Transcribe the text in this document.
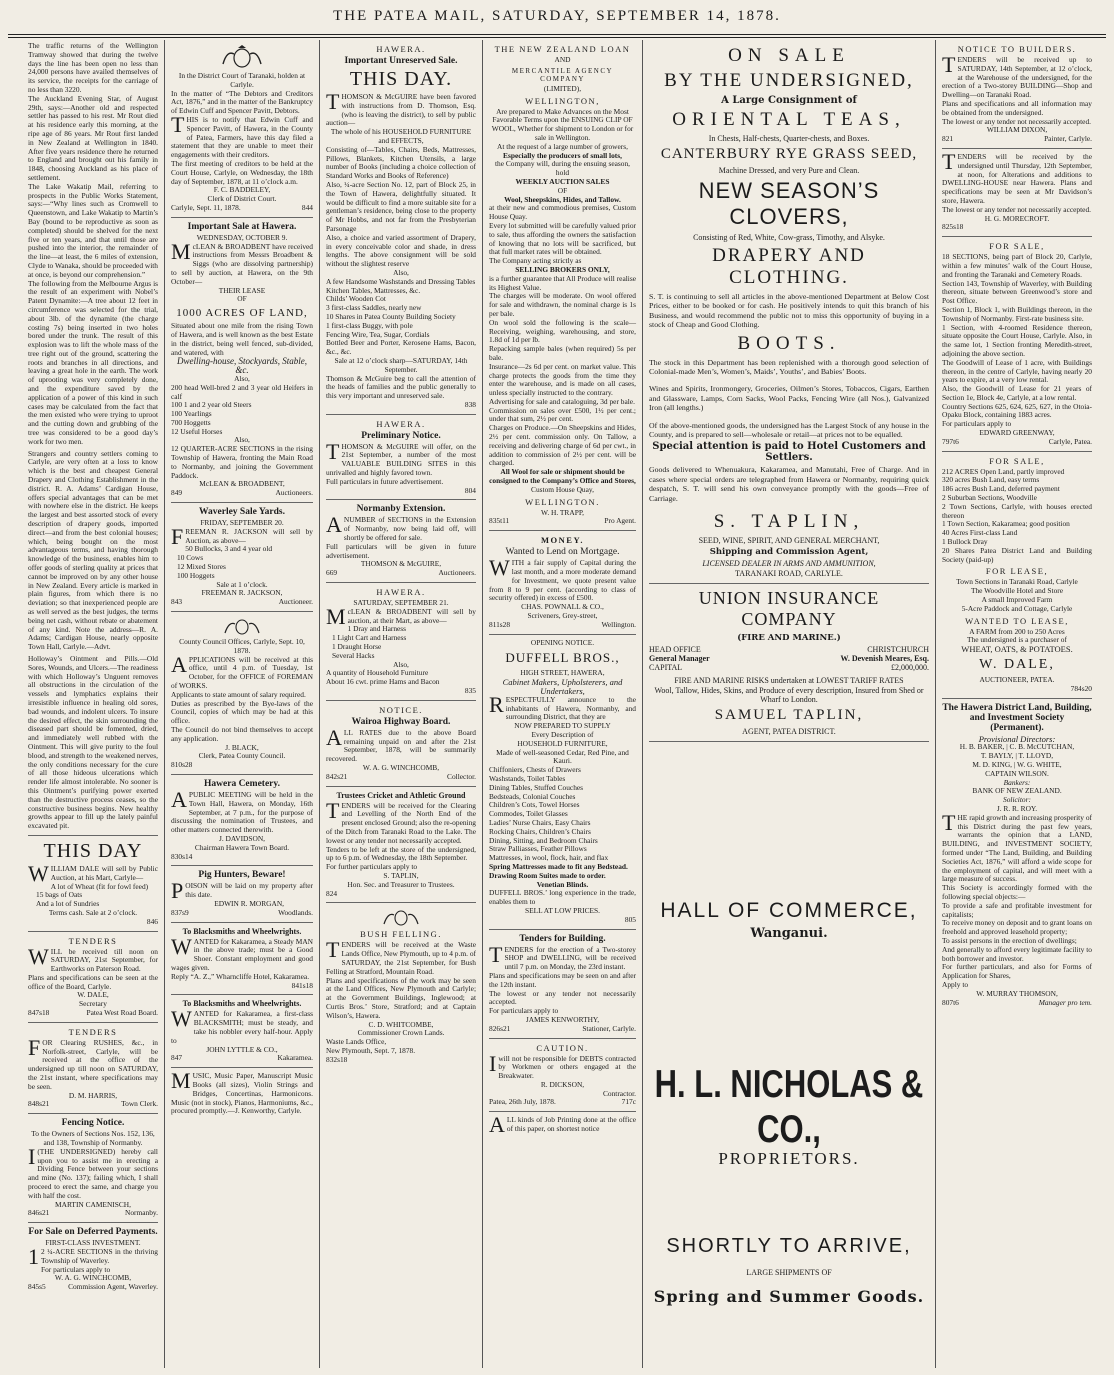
THE PATEA MAIL, SATURDAY, SEPTEMBER 14, 1878.

The traffic returns of the Wellington Tramway showed that during the twelve days the line has been open no less than 24,000 persons have availed themselves of its service, the receipts for the carriage of no less than 3220.

The Auckland Evening Star, of August 29th, says:—Another old and respected settler has passed to his rest. Mr Rout died at his residence early this morning, at the ripe age of 86 years. Mr Rout first landed in New Zealand at Wellington in 1840. After five years residence there he returned to England and brought out his family in 1848, choosing Auckland as his place of settlement.

The Lake Wakatip Mail, referring to prospects in the Public Works Statement, says:—“Why lines such as Cromwell to Queenstown, and Lake Wakatip to Martin’s Bay (bound to be reproductive as soon as completed) should be shelved for the next five or ten years, and that until those are pushed into the interior, the remainder of the line—at least, the 6 miles of extension, Clyde to Wanaka, should be proceeded with at once, is beyond our comprehension.”

The following from the Melbourne Argus is the result of an experiment with Nobel’s Patent Dynamite:—A tree about 12 feet in circumference was selected for the trial, about 3lb. of the dynamite (the charge costing 7s) being inserted in two holes bored under the trunk. The result of this explosion was to lift the whole mass of the tree right out of the ground, scattering the roots and branches in all directions, and leaving a great hole in the earth. The work of uprooting was very completely done, and the expenditure saved by the application of a power of this kind in such cases may be calculated from the fact that the men existed who were trying to uproot and the cutting down and grubbing of the tree was considered to be a good day’s work for two men.

Strangers and country settlers coming to Carlyle, are very often at a loss to know which is the best and cheapest General Drapery and Clothing Establishment in the district. R. A. Adams’ Cardigan House, offers special advantages that can be met with nowhere else in the district. He keeps the largest and best assorted stock of every description of drapery goods, imported direct—and from the best colonial houses; which, being bought on the most advantageous terms, and having thorough knowledge of the business, enables him to offer goods of sterling quality at prices that cannot be improved on by any other house in New Zealand. Every article is marked in plain figures, from which there is no deviation; so that inexperienced people are as well served as the best judges, the terms being net cash, without rebate or abatement of any kind. Note the address—R. A. Adams; Cardigan House, nearly opposite Town Hall, Carlyle.—Advt.

Holloway’s Ointment and Pills.—Old Sores, Wounds, and Ulcers.—The readiness with which Holloway’s Unguent removes all obstructions in the circulation of the vessels and lymphatics explains their irresistible influence in healing old sores, bad wounds, and indolent ulcers. To insure the desired effect, the skin surrounding the diseased part should be fomented, dried, and immediately well rubbed with the Ointment. This will give purity to the foul blood, and strength to the weakened nerves, the only conditions necessary for the cure of all those hideous ulcerations which render life almost intolerable. No sooner is this Ointment’s purifying power exerted than the destructive process ceases, so the constructive business begins. New healthy growths appear to fill up the lately painful excavated pit.

THIS DAY

WILLIAM DALE will sell by Public Auction, at his Mart, Carlyle—

A lot of Wheat (fit for fowl feed)
15 bags of Oats
And a lot of Sundries

Terms cash. Sale at 2 o’clock.

846

TENDERS

WILL be received till noon on SATURDAY, 21st September, for Earthworks on Paterson Road.
Plans and specifications can be seen at the office of the Board, Carlyle.

W. DALE,

Secretary

847s18	Patea West Road Board.

TENDERS

FOR Clearing RUSHES, &c., in Norfolk-street, Carlyle, will be received at the office of the undersigned up till noon on SATURDAY, the 21st instant, where specifications may be seen.

D. M. HARRIS,

848s21	Town Clerk.

Fencing Notice.

To the Owners of Sections Nos. 152, 136, and 138, Township of Normanby.

I(THE UNDERSIGNED) hereby call upon you to assist me in erecting a Dividing Fence between your sections and mine (No. 137); failing which, I shall proceed to erect the same, and charge you with half the cost.

MARTIN CAMENISCH,

846s21	Normanby.

For Sale on Deferred Payments.

FIRST-CLASS INVESTMENT.

12 ¼-ACRE SECTIONS in the thriving Township of Waverley.
For particulars apply to

W. A. G. WINCHCOMB,

845s5	Commission Agent, Waverley.

In the District Court of Taranaki, holden at Carlyle.

In the matter of “The Debtors and Creditors Act, 1876,” and in the matter of the Bankruptcy of Edwin Cuff and Spencer Pavitt, Debtors.

THIS is to notify that Edwin Cuff and Spencer Pavitt, of Hawera, in the County of Patea, Farmers, have this day filed a statement that they are unable to meet their engagements with their creditors.
The first meeting of creditors to be held at the Court House, Carlyle, on Wednesday, the 18th day of September, 1878, at 11 o’clock a.m.

F. C. BADDELEY,

Clerk of District Court.

Carlyle, Sept. 11, 1878.	844

Important Sale at Hawera.

WEDNESDAY, OCTOBER 9.

McLEAN & BROADBENT have received instructions from Messrs Broadbent & Siggs (who are dissolving partnership) to sell by auction, at Hawera, on the 9th October—

THEIR LEASE

OF

1000 ACRES OF LAND,

Situated about one mile from the rising Town of Hawera, and is well known as the best Estate in the district, being well fenced, sub-divided, and watered, with

Dwelling-house, Stockyards, Stable, &c.

Also,

200 head Well-bred 2 and 3 year old Heifers in calf
100 1 and 2 year old Steers
100 Yearlings
700 Hoggetts
12 Useful Horses

Also,

12 QUARTER-ACRE SECTIONS in the rising Township of Hawera, fronting the Main Road to Normanby, and joining the Government Paddock.

McLEAN & BROADBENT,

849	Auctioneers.

Waverley Sale Yards.

FRIDAY, SEPTEMBER 20.

FREEMAN R. JACKSON will sell by Auction, as above—

50 Bullocks, 3 and 4 year old
10 Cows
12 Mixed Stores
100 Hoggets

Sale at 1 o’clock.

FREEMAN R. JACKSON,

843	Auctioneer.

County Council Offices, Carlyle, Sept. 10, 1878.

APPLICATIONS will be received at this office, until 4 p.m. of Tuesday, 1st October, for the OFFICE of FOREMAN of WORKS.
Applicants to state amount of salary required.
Duties as prescribed by the Bye-laws of the Council, copies of which may be had at this office.
The Council do not bind themselves to accept any application.

J. BLACK,

Clerk, Patea County Council.

810s28

Hawera Cemetery.

APUBLIC MEETING will be held in the Town Hall, Hawera, on Monday, 16th September, at 7 p.m., for the purpose of discussing the nomination of Trustees, and other matters connected therewith.

J. DAVIDSON,

Chairman Hawera Town Board.

830s14

Pig Hunters, Beware!

POISON will be laid on my property after this date.

EDWIN R. MORGAN,

837s9	Woodlands.

To Blacksmiths and Wheelwrights.

WANTED for Kakaramea, a Steady MAN in the above trade; must be a Good Shoer. Constant employment and good wages given.
Reply “A. Z.,” Wharncliffe Hotel, Kakaramea.

841s18

To Blacksmiths and Wheelwrights.

WANTED for Kakaramea, a first-class BLACKSMITH; must be steady, and take his nobbler every half-hour. Apply to

JOHN LYTTLE & CO.,

847	Kakaramea.

MUSIC, Music Paper, Manuscript Music Books (all sizes), Violin Strings and Bridges, Concertinas, Harmonicons. Music (not in stock), Pianos, Harmoniums, &c., procured promptly.—J. Kenworthy, Carlyle.

HAWERA.
Important Unreserved Sale.
THIS DAY.

THOMSON & McGUIRE have been favored with instructions from D. Thomson, Esq. (who is leaving the district), to sell by public auction—

The whole of his HOUSEHOLD FURNITURE and EFFECTS,

Consisting of—Tables, Chairs, Beds, Mattresses, Pillows, Blankets, Kitchen Utensils, a large number of Books (including a choice collection of Standard Works and Books of Reference)

Also, ¼-acre Section No. 12, part of Block 25, in the Town of Hawera, delightfully situated. It would be difficult to find a more suitable site for a gentleman’s residence, being close to the property of Mr Hobbs, and not far from the Presbyterian Parsonage

Also, a choice and varied assortment of Drapery, in every conceivable color and shade, in dress lengths. The above consignment will be sold without the slightest reserve

Also,

A few Handsome Washstands and Dressing Tables
Kitchen Tables, Mattresses, &c.
Childs’ Wooden Cot
3 first-class Saddles, nearly new
10 Shares in Patea County Building Society
1 first-class Buggy, with pole
Fencing Wire, Tea, Sugar, Cordials
Bottled Beer and Porter, Kerosene Hams, Bacon, &c., &c.

Sale at 12 o’clock sharp—SATURDAY, 14th September.

Thomson & McGuire beg to call the attention of the heads of families and the public generally to this very important and unreserved sale.

838

HAWERA.
Preliminary Notice.

THOMSON & McGUIRE will offer, on the 21st September, a number of the most VALUABLE BUILDING SITES in this unrivalled and highly favored town.
Full particulars in future advertisement.

804

Normanby Extension.

ANUMBER of SECTIONS in the Extension of Normanby, now being laid off, will shortly be offered for sale.
Full particulars will be given in future advertisement.

THOMSON & McGUIRE,

669	Auctioneers.

HAWERA.

SATURDAY, SEPTEMBER 21.

McLEAN & BROADBENT will sell by auction, at their Mart, as above—

1 Dray and Harness
1 Light Cart and Harness
1 Draught Horse
Several Hacks

Also,

A quantity of Household Furniture
About 16 cwt. prime Hams and Bacon

835

NOTICE.
Wairoa Highway Board.

ALL RATES due to the above Board remaining unpaid on and after the 21st September, 1878, will be summarily recovered.

W. A. G. WINCHCOMB,

842s21	Collector.

Trustees Cricket and Athletic Ground

TENDERS will be received for the Clearing and Levelling of the North End of the present enclosed Ground; also the re-opening of the Ditch from Taranaki Road to the Lake. The lowest or any tender not necessarily accepted.
Tenders to be left at the store of the undersigned, up to 6 p.m. of Wednesday, the 18th September.
For further particulars apply to

S. TAPLIN,

Hon. Sec. and Treasurer to Trustees.

824

BUSH FELLING.

TENDERS will be received at the Waste Lands Office, New Plymouth, up to 4 p.m. of SATURDAY, the 21st September, for Bush Felling at Stratford, Mountain Road.
Plans and specifications of the work may be seen at the Land Offices, New Plymouth and Carlyle; at the Government Buildings, Inglewood; at Curtis Bros.’ Store, Stratford; and at Captain Wilson’s, Hawera.

C. D. WHITCOMBE,

Commissioner Crown Lands.

Waste Lands Office,

New Plymouth, Sept. 7, 1878.

832s18

THE NEW ZEALAND LOAN

AND

MERCANTILE AGENCY COMPANY

(LIMITED),

WELLINGTON,

Are prepared to Make Advances on the Most Favorable Terms upon the ENSUING CLIP OF WOOL, Whether for shipment to London or for sale in Wellington.

At the request of a large number of growers,

Especially the producers of small lots,

the Company will, during the ensuing season, hold

WEEKLY AUCTION SALES

OF

Wool, Sheepskins, Hides, and Tallow.

at their new and commodious premises, Custom House Quay.
Every lot submitted will be carefully valued prior to sale, thus affording the owners the satisfaction of knowing that no lots will be sacrificed, but that full market rates will be obtained.
The Company acting strictly as

SELLING BROKERS ONLY,

is a further guarantee that All Produce will realise its Highest Value.
The charges will be moderate. On wool offered for sale and withdrawn, the nominal charge is 1s per bale.
On wool sold the following is the scale—Receiving, weighing, warehousing, and store, 1.8d of 1d per lb.
Repacking sample bales (when required) 5s per bale.
Insurance—2s 6d per cent. on market value. This charge protects the goods from the time they enter the warehouse, and is made on all cases, unless specially instructed to the contrary.
Advertising for sale and cataloguing, 3d per bale.
Commission on sales over £500, 1½ per cent.; under that sum, 2½ per cent.
Charges on Produce.—On Sheepskins and Hides, 2½ per cent. commission only. On Tallow, a receiving and delivering charge of 6d per cwt., in addition to commission of 2½ per cent. will be charged.

All Wool for sale or shipment should be consigned to the Company’s Office and Stores,

Custom House Quay,

WELLINGTON.

W. H. TRAPP,

835t11	Pro Agent.

MONEY.
Wanted to Lend on Mortgage.

WITH a fair supply of Capital during the last month, and a more moderate demand for Investment, we quote present value from 8 to 9 per cent. (according to class of security offered) in excess of £500.

CHAS. POWNALL & CO.,

Scriveners, Grey-street,

811s28	Wellington.

OPENING NOTICE.

DUFFELL BROS.,

HIGH STREET, HAWERA,

Cabinet Makers, Upholsterers, and Undertakers,

RESPECTFULLY announce to the inhabitants of Hawera, Normanby, and surrounding District, that they are

NOW PREPARED TO SUPPLY

Every Description of

HOUSEHOLD FURNITURE,

Made of well-seasoned Cedar, Red Pine, and Kauri.

Chiffoniers, Chests of Drawers
Washstands, Toilet Tables
Dining Tables, Stuffed Couches
Bedsteads, Colonial Couches
Children’s Cots, Towel Horses
Commodes, Toilet Glasses
Ladies’ Nurse Chairs, Easy Chairs
Rocking Chairs, Children’s Chairs
Dining, Sitting, and Bedroom Chairs
Straw Palliasses, Feather Pillows
Mattresses, in wool, flock, hair, and flax

Spring Mattresses made to fit any Bedstead.

Drawing Room Suites made to order.

Venetian Blinds.

DUFFELL BROS.’ long experience in the trade, enables them to

SELL AT LOW PRICES.

805

Tenders for Building.

TENDERS for the erection of a Two-storey SHOP and DWELLING, will be received until 7 p.m. on Monday, the 23rd instant.
Plans and specifications may be seen on and after the 12th instant.
The lowest or any tender not necessarily accepted.
For particulars apply to

JAMES KENWORTHY,

826s21	Stationer, Carlyle.

CAUTION.

Iwill not be responsible for DEBTS contracted by Workmen or others engaged at the Breakwater.

R. DICKSON,

Contractor.

Patea, 26th July, 1878.	717c

ALL kinds of Job Printing done at the office of this paper, on shortest notice

ON SALE
BY THE UNDERSIGNED,
A Large Consignment of
ORIENTAL TEAS,
In Chests, Half-chests, Quarter-chests, and Boxes.
CANTERBURY RYE GRASS SEED,
Machine Dressed, and very Pure and Clean.
NEW SEASON’S CLOVERS,
Consisting of Red, White, Cow-grass, Timothy, and Alsyke.
DRAPERY AND CLOTHING.

S. T. is continuing to sell all articles in the above-mentioned Department at Below Cost Prices, either to be booked or for cash. He positively intends to quit this branch of his Business, and would recommend the public not to miss this opportunity of buying in a stock of Cheap and Good Clothing.

BOOTS.

The stock in this Department has been replenished with a thorough good selection of Colonial-made Men’s, Women’s, Maids’, Youths’, and Babies’ Boots.

Wines and Spirits, Ironmongery, Groceries, Oilmen’s Stores, Tobaccos, Cigars, Earthen and Glassware, Lamps, Corn Sacks, Wool Packs, Fencing Wire (all Nos.), Galvanized Iron (all lengths.)

Of the above-mentioned goods, the undersigned has the Largest Stock of any house in the County, and is prepared to sell—wholesale or retail—at prices not to be equalled.

Special attention is paid to Hotel Customers and Settlers.

Goods delivered to Whenuakura, Kakaramea, and Manutahi, Free of Charge. And in cases where special orders are telegraphed from Hawera or Normanby, requiring quick despatch, S. T. will send his own conveyance promptly with the goods—Free of Carriage.

S. TAPLIN,
SEED, WINE, SPIRIT, AND GENERAL MERCHANT,
Shipping and Commission Agent,
LICENSED DEALER IN ARMS AND AMMUNITION,
TARANAKI ROAD, CARLYLE.
UNION INSURANCE COMPANY
(FIRE AND MARINE.)

HEAD OFFICE	CHRISTCHURCH

General Manager	W. Devenish Meares, Esq.

CAPITAL	£2,000,000.

FIRE AND MARINE RISKS undertaken at LOWEST TARIFF RATES
Wool, Tallow, Hides, Skins, and Produce of every description, Insured from Shed or Wharf to London.
SAMUEL TAPLIN,
AGENT, PATEA DISTRICT.
HALL OF COMMERCE,
Wanganui.
H. L. NICHOLAS & CO.,
PROPRIETORS.
SHORTLY TO ARRIVE,
LARGE SHIPMENTS OF
Spring and Summer Goods.
NOTICE TO BUILDERS.

TENDERS will be received up to SATURDAY, 14th September, at 12 o’clock, at the Warehouse of the undersigned, for the erection of a Two-storey BUILDING—Shop and Dwelling—on Taranaki Road.
Plans and specifications and all information may be obtained from the undersigned.
The lowest or any tender not necessarily accepted.

WILLIAM DIXON,

821	Painter, Carlyle.

TENDERS will be received by the undersigned until Thursday, 12th September, at noon, for Alterations and additions to DWELLING-HOUSE near Hawera. Plans and specifications may be seen at Mr Davidson’s store, Hawera.
The lowest or any tender not necessarily accepted.

H. G. MORECROFT.

825s18

FOR SALE,

18 SECTIONS, being part of Block 20, Carlyle, within a few minutes’ walk of the Court House, and fronting the Taranaki and Cemetery Roads.
Section 143, Township of Waverley, with Building thereon, situate between Greenwood’s store and Post Office.
Section 1, Block 1, with Buildings thereon, in the Township of Normanby. First-rate business site.
1 Section, with 4-roomed Residence thereon, situate opposite the Court House, Carlyle. Also, in the same lot, 1 Section fronting Meredith-street, adjoining the above section.
The Goodwill of Lease of 1 acre, with Buildings thereon, in the centre of Carlyle, having nearly 20 years to expire, at a very low rental.
Also, the Goodwill of Lease for 21 years of Section 1e, Block 4e, Carlyle, at a low rental.
Country Sections 625, 624, 625, 627, in the Otoia-Opaku Block, containing 1883 acres.
For particulars apply to

EDWARD GREENWAY,

797t6	Carlyle, Patea.

FOR SALE,

212 ACRES Open Land, partly improved
320 acres Bush Land, easy terms
186 acres Bush Land, deferred payment
2 Suburban Sections, Woodville
2 Town Sections, Carlyle, with houses erected thereon
1 Town Section, Kakaramea; good position
40 Acres First-class Land
1 Bullock Dray
20 Shares Patea District Land and Building Society (paid-up)

FOR LEASE,

Town Sections in Taranaki Road, Carlyle
The Woodville Hotel and Store
A small Improved Farm
5-Acre Paddock and Cottage, Carlyle

WANTED TO LEASE,

A FARM from 200 to 250 Acres

The undersigned is a purchaser of

WHEAT, OATS, & POTATOES.

W. DALE,

AUCTIONEER, PATEA.

784s20

The Hawera District Land, Building, and Investment Society (Permanent).

Provisional Directors:

H. B. BAKER, | C. B. McCUTCHAN,
T. BAYLY, | T. LLOYD,
M. D. KING, | W. G. WHITE,
CAPTAIN WILSON.

Bankers:

BANK OF NEW ZEALAND.

Solicitor:

J. R. R. ROY.

THE rapid growth and increasing prosperity of this District during the past few years, warrants the opinion that a LAND, BUILDING, and INVESTMENT SOCIETY, formed under “The Land, Building, and Building Societies Act, 1876,” will afford a wide scope for the employment of capital, and will meet with a large measure of success.
This Society is accordingly formed with the following special objects:—
To provide a safe and profitable investment for capitalists;
To receive money on deposit and to grant loans on freehold and approved leasehold property;
To assist persons in the erection of dwellings;
And generally to afford every legitimate facility to both borrower and investor.
For further particulars, and also for Forms of Application for Shares,
Apply to

W. MURRAY THOMSON,

807t6	Manager pro tem.
